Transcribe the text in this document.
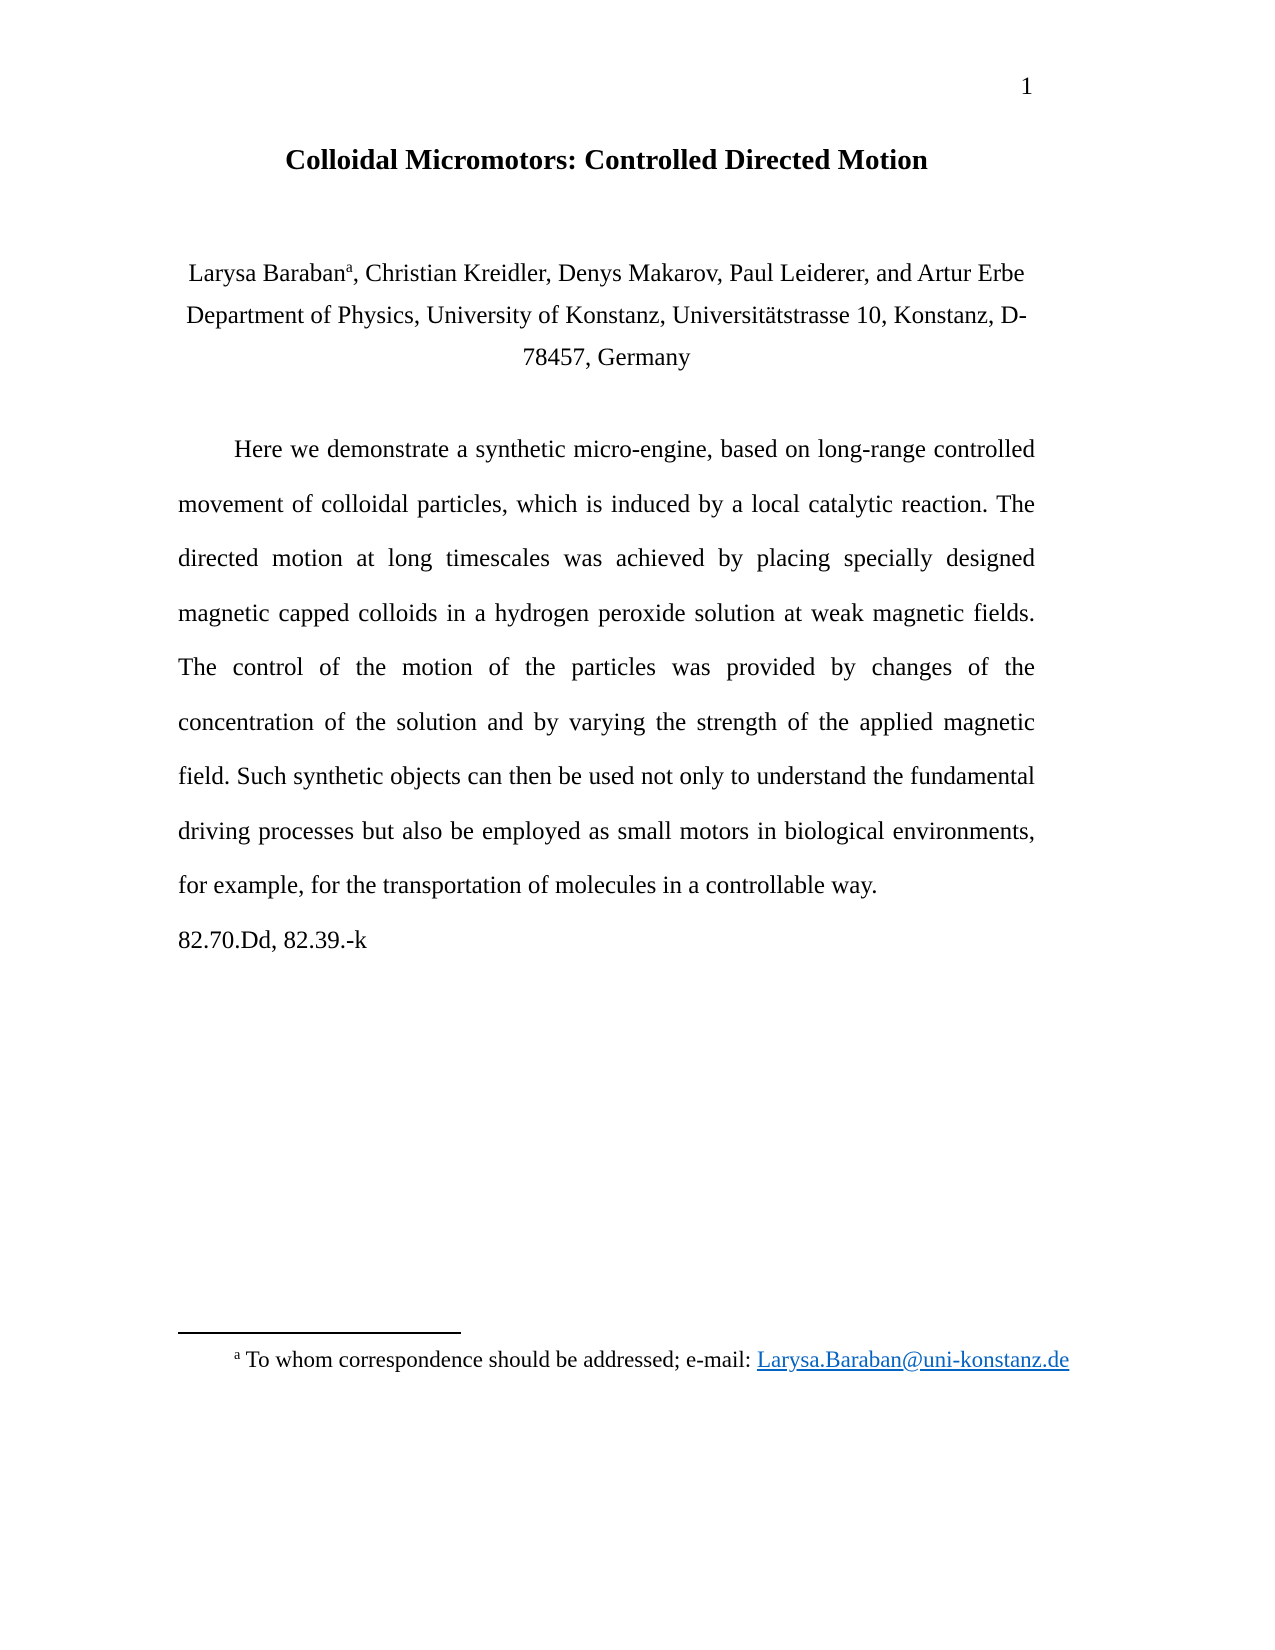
1
Colloidal Micromotors: Controlled Directed Motion
Larysa Baraban$^a$, Christian Kreidler, Denys Makarov, Paul Leiderer, and Artur Erbe
Department of Physics, University of Konstanz, Universitätstrasse 10, Konstanz, D-78457, Germany

Here we demonstrate a synthetic micro-engine, based on long-range controlled movement of colloidal particles, which is induced by a local catalytic reaction. The directed motion at long timescales was achieved by placing specially designed magnetic capped colloids in a hydrogen peroxide solution at weak magnetic fields. The control of the motion of the particles was provided by changes of the concentration of the solution and by varying the strength of the applied magnetic field. Such synthetic objects can then be used not only to understand the fundamental driving processes but also be employed as small motors in biological environments, for example, for the transportation of molecules in a controllable way.

82.70.Dd, 82.39.-k
$^a$ To whom correspondence should be addressed; e-mail: Larysa.Baraban@uni-konstanz.de
